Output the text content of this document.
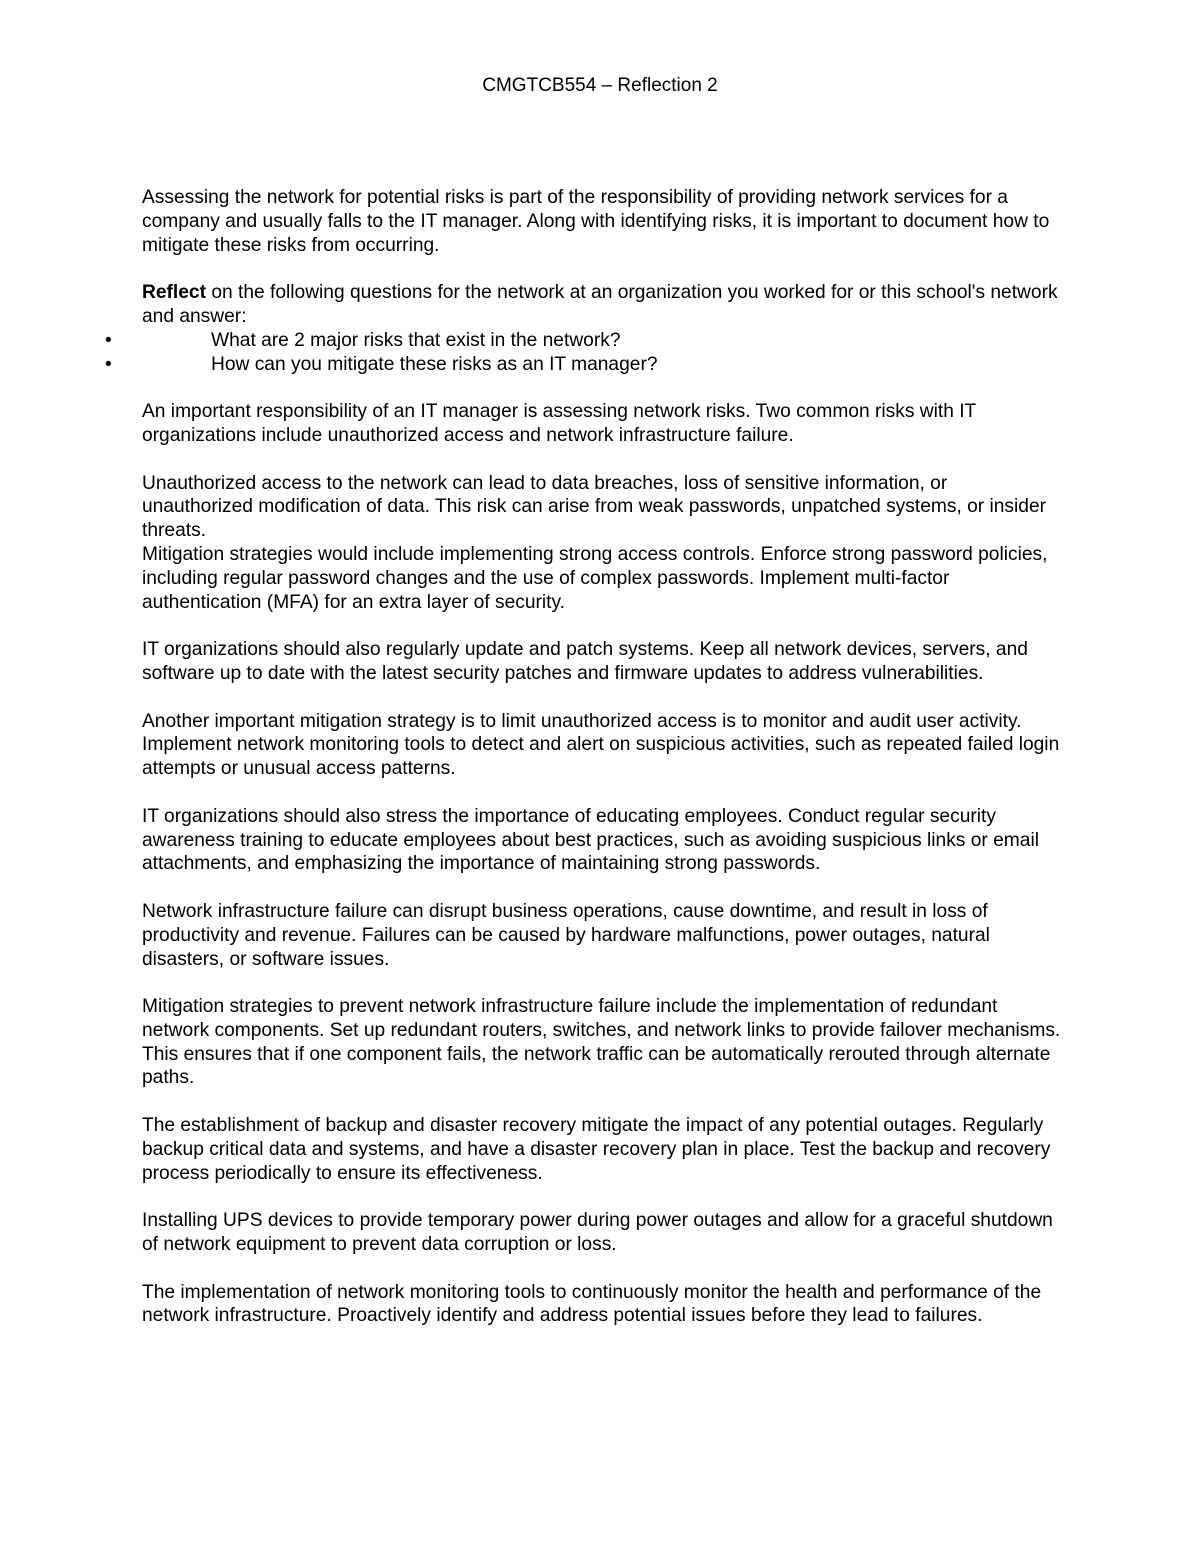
CMGTCB554 – Reflection 2

Assessing the network for potential risks is part of the responsibility of providing network services for a company and usually falls to the IT manager. Along with identifying risks, it is important to document how to mitigate these risks from occurring.

Reflect on the following questions for the network at an organization you worked for or this school's network and answer:

•	What are 2 major risks that exist in the network?
•	How can you mitigate these risks as an IT manager?

An important responsibility of an IT manager is assessing network risks. Two common risks with IT organizations include unauthorized access and network infrastructure failure.

Unauthorized access to the network can lead to data breaches, loss of sensitive information, or unauthorized modification of data. This risk can arise from weak passwords, unpatched systems, or insider threats.

Mitigation strategies would include implementing strong access controls. Enforce strong password policies, including regular password changes and the use of complex passwords. Implement multi-factor authentication (MFA) for an extra layer of security.

IT organizations should also regularly update and patch systems. Keep all network devices, servers, and software up to date with the latest security patches and firmware updates to address vulnerabilities.

Another important mitigation strategy is to limit unauthorized access is to monitor and audit user activity. Implement network monitoring tools to detect and alert on suspicious activities, such as repeated failed login attempts or unusual access patterns.

IT organizations should also stress the importance of educating employees. Conduct regular security awareness training to educate employees about best practices, such as avoiding suspicious links or email attachments, and emphasizing the importance of maintaining strong passwords.

Network infrastructure failure can disrupt business operations, cause downtime, and result in loss of productivity and revenue. Failures can be caused by hardware malfunctions, power outages, natural disasters, or software issues.

Mitigation strategies to prevent network infrastructure failure include the implementation of redundant network components. Set up redundant routers, switches, and network links to provide failover mechanisms. This ensures that if one component fails, the network traffic can be automatically rerouted through alternate paths.

The establishment of backup and disaster recovery mitigate the impact of any potential outages. Regularly backup critical data and systems, and have a disaster recovery plan in place. Test the backup and recovery process periodically to ensure its effectiveness.

Installing UPS devices to provide temporary power during power outages and allow for a graceful shutdown of network equipment to prevent data corruption or loss.

The implementation of network monitoring tools to continuously monitor the health and performance of the network infrastructure. Proactively identify and address potential issues before they lead to failures.
